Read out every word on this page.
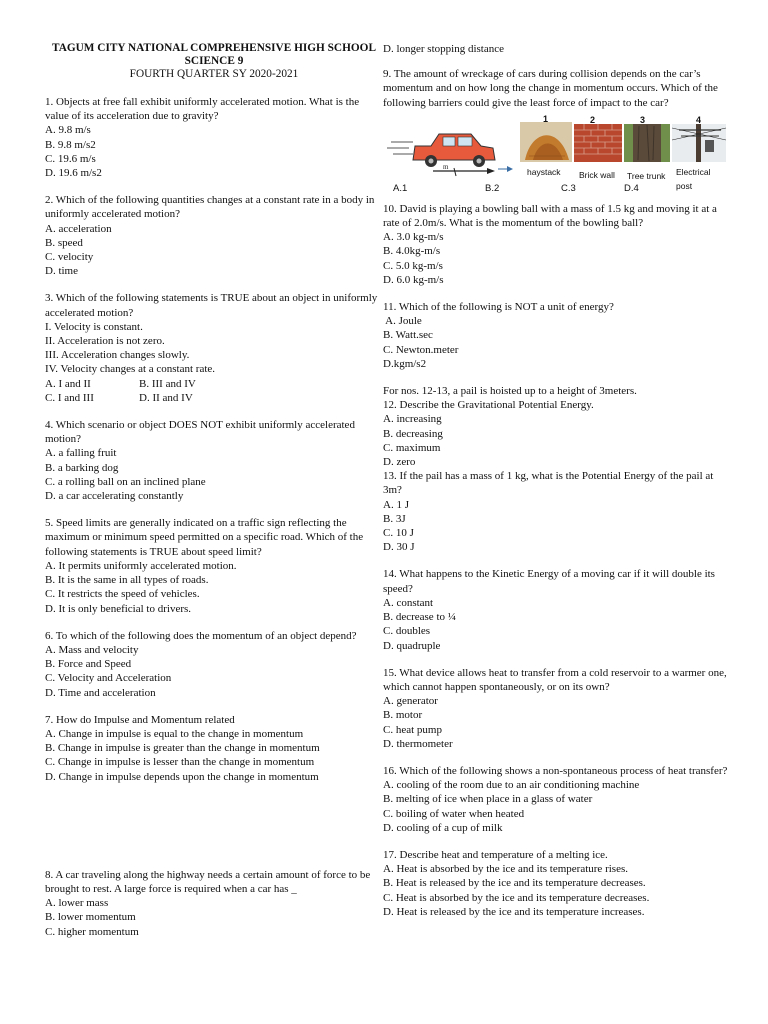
TAGUM CITY NATIONAL COMPREHENSIVE HIGH SCHOOL
SCIENCE 9
FOURTH QUARTER SY 2020-2021

1. Objects at free fall exhibit uniformly accelerated motion. What is the value of its acceleration due to gravity?

A. 9.8 m/s
B. 9.8 m/s2
C. 19.6 m/s
D. 19.6 m/s2

2. Which of the following quantities changes at a constant rate in a body in uniformly accelerated motion?

A. acceleration
B. speed
C. velocity
D. time

3. Which of the following statements is TRUE about an object in uniformly accelerated motion?

I. Velocity is constant.
II. Acceleration is not zero.
III. Acceleration changes slowly.
IV. Velocity changes at a constant rate.
A. I and II	B. III and IV
C. I and III	D. II and IV

4. Which scenario or object DOES NOT exhibit uniformly accelerated motion?

A. a falling fruit
B. a barking dog
C. a rolling ball on an inclined plane
D. a car accelerating constantly

5. Speed limits are generally indicated on a traffic sign reflecting the maximum or minimum speed permitted on a specific road. Which of the following statements is TRUE about speed limit?

A. It permits uniformly accelerated motion.
B. It is the same in all types of roads.
C. It restricts the speed of vehicles.
D. It is only beneficial to drivers.

6. To which of the following does the momentum of an object depend?

A. Mass and velocity
B. Force and Speed
C. Velocity and Acceleration
D. Time and acceleration

7. How do Impulse and Momentum related

A. Change in impulse is equal to the change in momentum
B. Change in impulse is greater than the change in momentum
C. Change in impulse is lesser than the change in momentum
D. Change in impulse depends upon the change in momentum

8. A car traveling along the highway needs a certain amount of force to be brought to rest. A large force is required when a car has _

A. lower mass
B. lower momentum
C. higher momentum
D. longer stopping distance

9. The amount of wreckage of cars during collision depends on the car’s momentum and on how long the change in momentum occurs. Which of the following barriers could give the least force of impact to the car?

m
1	2	3	4
haystack Brick wall Tree trunk Electrical post
A.1	B.2	C.3	D.4

10. David is playing a bowling ball with a mass of 1.5 kg and moving it at a rate of 2.0m/s. What is the momentum of the bowling ball?

A. 3.0 kg-m/s
B. 4.0kg-m/s
C. 5.0 kg-m/s
D. 6.0 kg-m/s

11. Which of the following is NOT a unit of energy?

A. Joule
B. Watt.sec
C. Newton.meter
D.kgm/s2

For nos. 12-13, a pail is hoisted up to a height of 3meters.

12. Describe the Gravitational Potential Energy.

A. increasing
B. decreasing
C. maximum
D. zero

13. If the pail has a mass of 1 kg, what is the Potential Energy of the pail at 3m?

A. 1 J
B. 3J
C. 10 J
D. 30 J

14. What happens to the Kinetic Energy of a moving car if it will double its speed?

A. constant
B. decrease to ¼
C. doubles
D. quadruple

15. What device allows heat to transfer from a cold reservoir to a warmer one, which cannot happen spontaneously, or on its own?

A. generator
B. motor
C. heat pump
D. thermometer

16. Which of the following shows a non-spontaneous process of heat transfer?

A. cooling of the room due to an air conditioning machine
B. melting of ice when place in a glass of water
C. boiling of water when heated
D. cooling of a cup of milk

17. Describe heat and temperature of a melting ice.

A. Heat is absorbed by the ice and its temperature rises.
B. Heat is released by the ice and its temperature decreases.
C. Heat is absorbed by the ice and its temperature decreases.
D. Heat is released by the ice and its temperature increases.
